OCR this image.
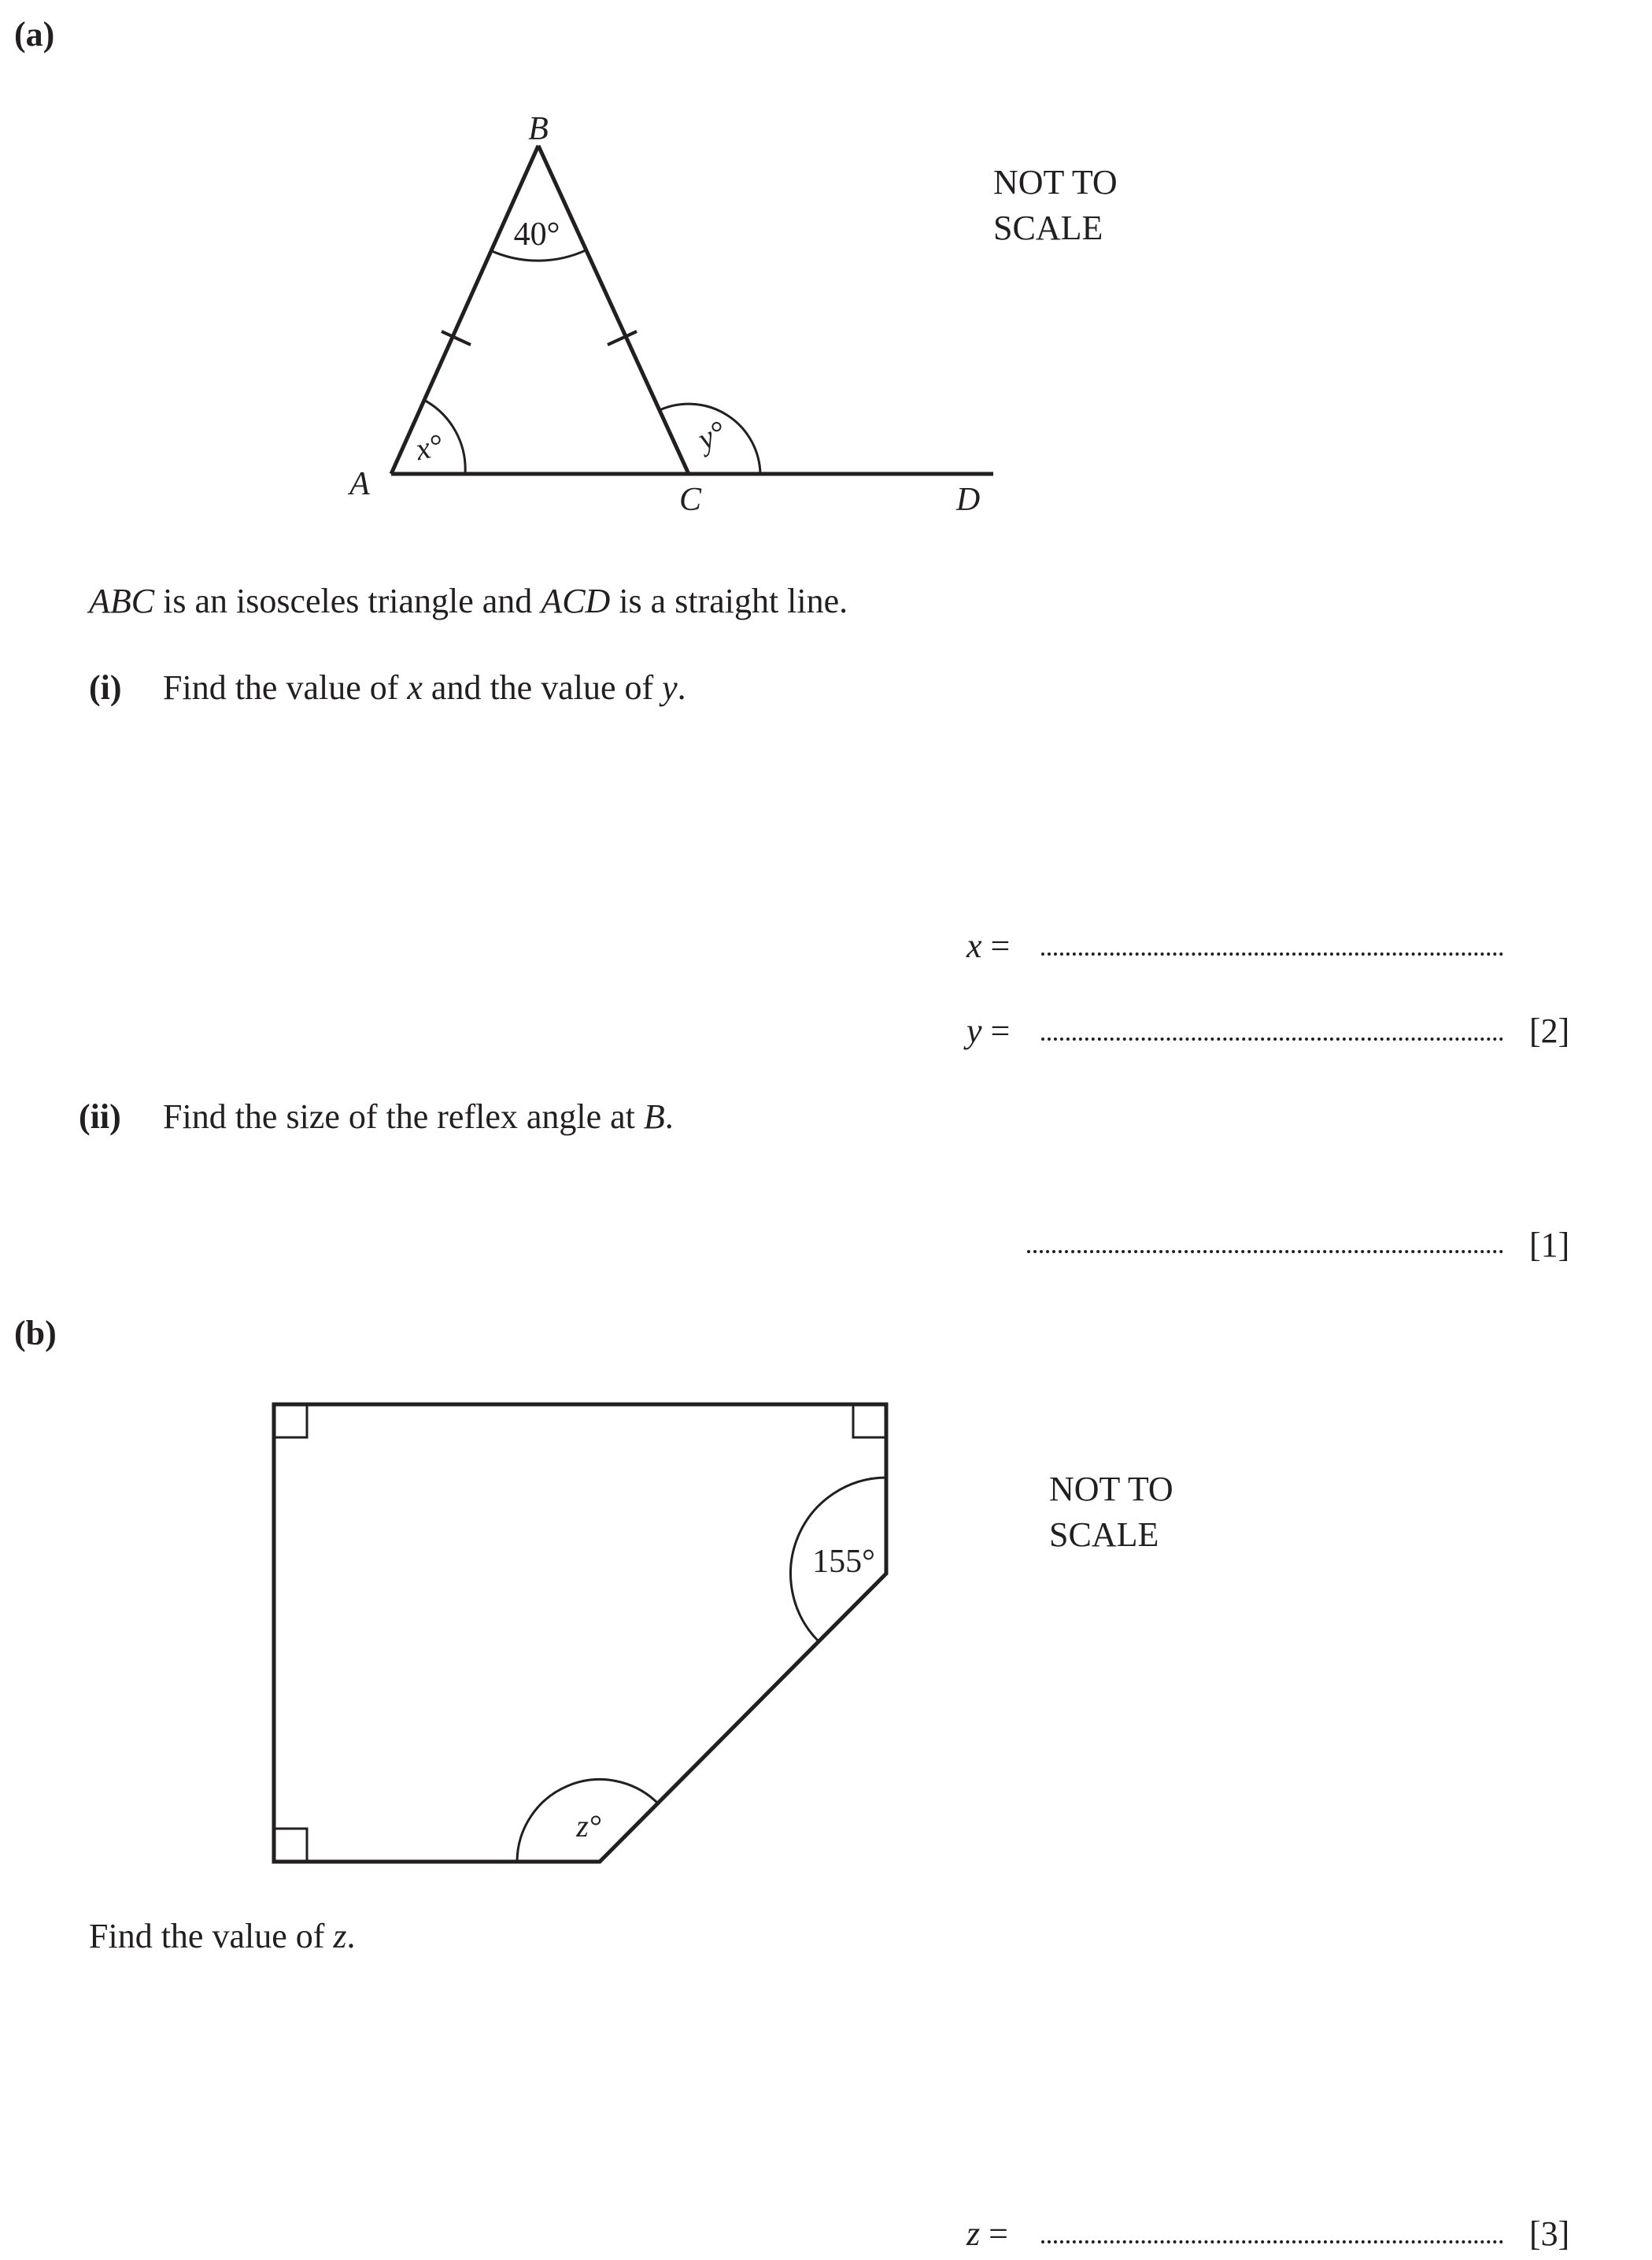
(a)
40°
x°	y°
B
A	C	D
NOT TO
SCALE
ABC is an isosceles triangle and ACD is a straight line.
(i) Find the value of x and the value of y.
x =
y =	[2]
(ii) Find the size of the reflex angle at B.
[1]
(b)
155°
z°
NOT TO
SCALE
Find the value of z.
z =	[3]
